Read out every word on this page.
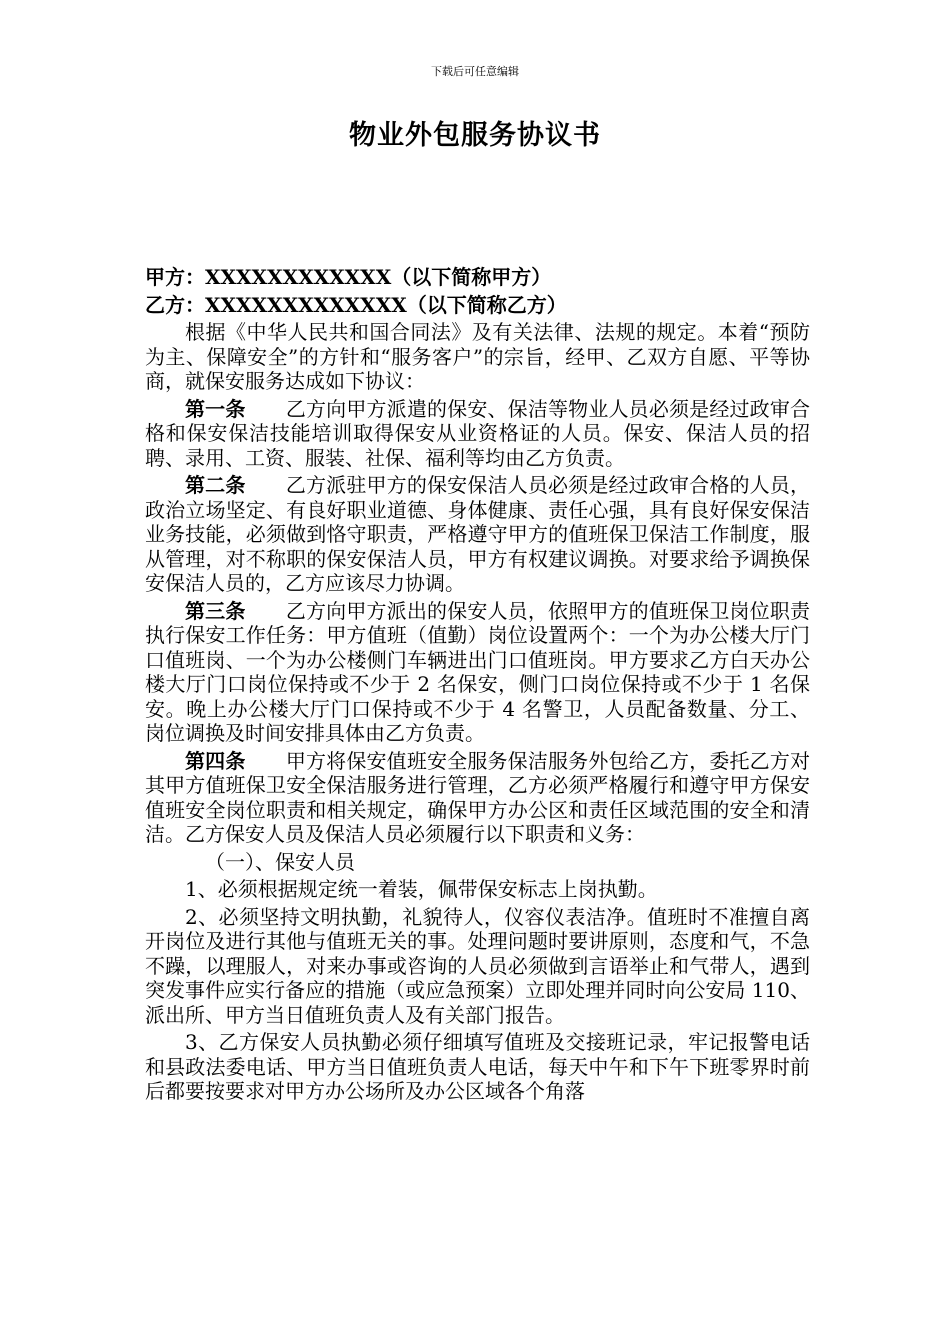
下载后可任意编辑
物业外包服务协议书

甲方：XXXXXXXXXXXX（以下简称甲方）

乙方：XXXXXXXXXXXXX（以下简称乙方）

根据《中华人民共和国合同法》及有关法律、法规的规定。本着“预防为主、保障安全”的方针和“服务客户”的宗旨，经甲、乙双方自愿、平等协商，就保安服务达成如下协议：

第一条　　 乙方向甲方派遣的保安、保洁等物业人员必须是经过政审合格和保安保洁技能培训取得保安从业资格证的人员。保安、保洁人员的招聘、录用、工资、服装、社保、福利等均由乙方负责。

第二条　　 乙方派驻甲方的保安保洁人员必须是经过政审合格的人员，政治立场坚定、有良好职业道德、身体健康、责任心强，具有良好保安保洁业务技能，必须做到恪守职责，严格遵守甲方的值班保卫保洁工作制度，服从管理，对不称职的保安保洁人员，甲方有权建议调换。对要求给予调换保安保洁人员的，乙方应该尽力协调。

第三条　　 乙方向甲方派出的保安人员，依照甲方的值班保卫岗位职责执行保安工作任务：甲方值班（值勤）岗位设置两个：一个为办公楼大厅门口值班岗、一个为办公楼侧门车辆进出门口值班岗。甲方要求乙方白天办公楼大厅门口岗位保持或不少于 2 名保安，侧门口岗位保持或不少于 1 名保安。晚上办公楼大厅门口保持或不少于 4 名警卫，人员配备数量、分工、岗位调换及时间安排具体由乙方负责。

第四条　　 甲方将保安值班安全服务保洁服务外包给乙方，委托乙方对其甲方值班保卫安全保洁服务进行管理，乙方必须严格履行和遵守甲方保安值班安全岗位职责和相关规定，确保甲方办公区和责任区域范围的安全和清洁。乙方保安人员及保洁人员必须履行以下职责和义务：

（一）、保安人员

1、必须根据规定统一着装，佩带保安标志上岗执勤。

2、必须坚持文明执勤，礼貌待人，仪容仪表洁净。值班时不准擅自离开岗位及进行其他与值班无关的事。处理问题时要讲原则，态度和气，不急不躁，以理服人，对来办事或咨询的人员必须做到言语举止和气带人，遇到突发事件应实行备应的措施（或应急预案）立即处理并同时向公安局 110、派出所、甲方当日值班负责人及有关部门报告。

3、乙方保安人员执勤必须仔细填写值班及交接班记录，牢记报警电话和县政法委电话、甲方当日值班负责人电话，每天中午和下午下班零界时前后都要按要求对甲方办公场所及办公区域各个角落
